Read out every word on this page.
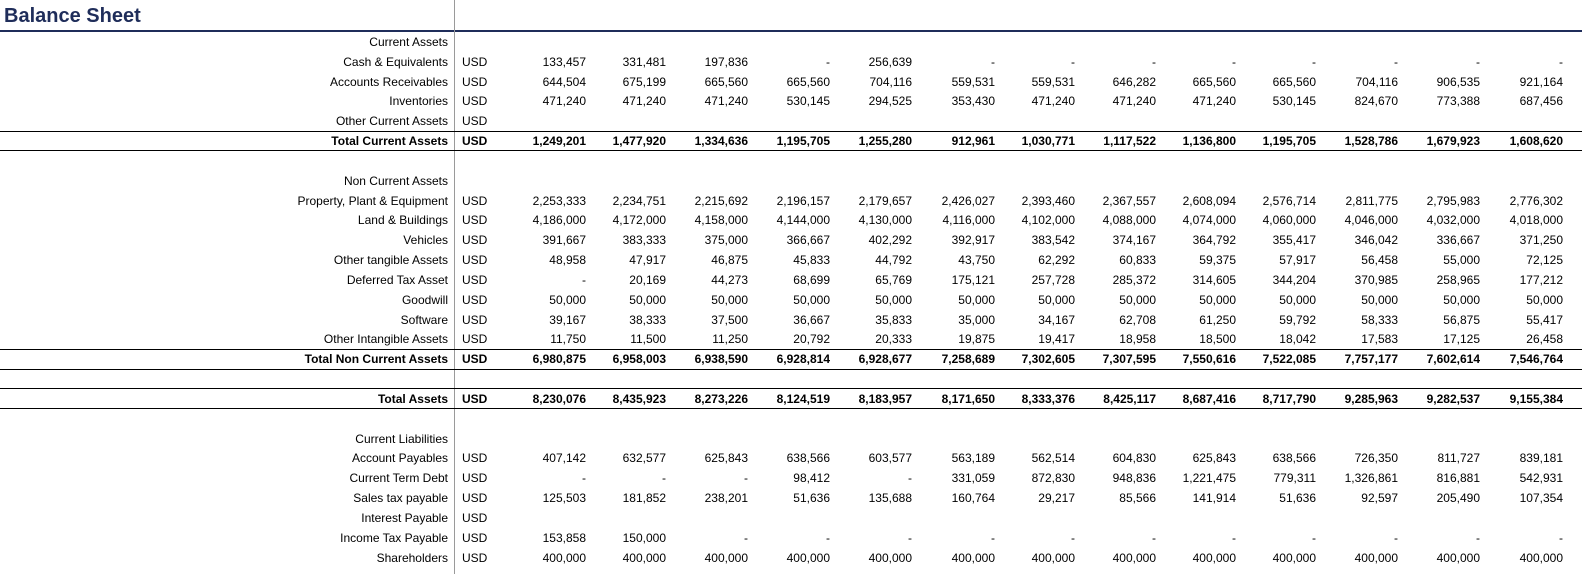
Balance Sheet
Current Assets
Cash & Equivalents USD	133,457	331,481	197,836	-	256,639	-	-	-	-	-	-	-	-
Accounts Receivables USD	644,504	675,199	665,560	665,560	704,116	559,531	559,531	646,282	665,560	665,560	704,116	906,535	921,164
Inventories USD	471,240	471,240	471,240	530,145	294,525	353,430	471,240	471,240	471,240	530,145	824,670	773,388	687,456
Other Current Assets USD
Total Current Assets USD	1,249,201	1,477,920	1,334,636	1,195,705	1,255,280	912,961	1,030,771	1,117,522	1,136,800	1,195,705	1,528,786	1,679,923	1,608,620
Non Current Assets
Property, Plant & Equipment USD	2,253,333	2,234,751	2,215,692	2,196,157	2,179,657	2,426,027	2,393,460	2,367,557	2,608,094	2,576,714	2,811,775	2,795,983	2,776,302
Land & Buildings USD	4,186,000	4,172,000	4,158,000	4,144,000	4,130,000	4,116,000	4,102,000	4,088,000	4,074,000	4,060,000	4,046,000	4,032,000	4,018,000
Vehicles USD	391,667	383,333	375,000	366,667	402,292	392,917	383,542	374,167	364,792	355,417	346,042	336,667	371,250
Other tangible Assets USD	48,958	47,917	46,875	45,833	44,792	43,750	62,292	60,833	59,375	57,917	56,458	55,000	72,125
Deferred Tax Asset USD	-	20,169	44,273	68,699	65,769	175,121	257,728	285,372	314,605	344,204	370,985	258,965	177,212
Goodwill USD	50,000	50,000	50,000	50,000	50,000	50,000	50,000	50,000	50,000	50,000	50,000	50,000	50,000
Software USD	39,167	38,333	37,500	36,667	35,833	35,000	34,167	62,708	61,250	59,792	58,333	56,875	55,417
Other Intangible Assets USD	11,750	11,500	11,250	20,792	20,333	19,875	19,417	18,958	18,500	18,042	17,583	17,125	26,458
Total Non Current Assets USD	6,980,875	6,958,003	6,938,590	6,928,814	6,928,677	7,258,689	7,302,605	7,307,595	7,550,616	7,522,085	7,757,177	7,602,614	7,546,764
Total Assets USD	8,230,076	8,435,923	8,273,226	8,124,519	8,183,957	8,171,650	8,333,376	8,425,117	8,687,416	8,717,790	9,285,963	9,282,537	9,155,384
Current Liabilities
Account Payables USD	407,142	632,577	625,843	638,566	603,577	563,189	562,514	604,830	625,843	638,566	726,350	811,727	839,181
Current Term Debt USD	-	-	-	98,412	-	331,059	872,830	948,836	1,221,475	779,311	1,326,861	816,881	542,931
Sales tax payable USD	125,503	181,852	238,201	51,636	135,688	160,764	29,217	85,566	141,914	51,636	92,597	205,490	107,354
Interest Payable USD
Income Tax Payable USD	153,858	150,000	-	-	-	-	-	-	-	-	-	-	-
Shareholders USD	400,000	400,000	400,000	400,000	400,000	400,000	400,000	400,000	400,000	400,000	400,000	400,000	400,000
